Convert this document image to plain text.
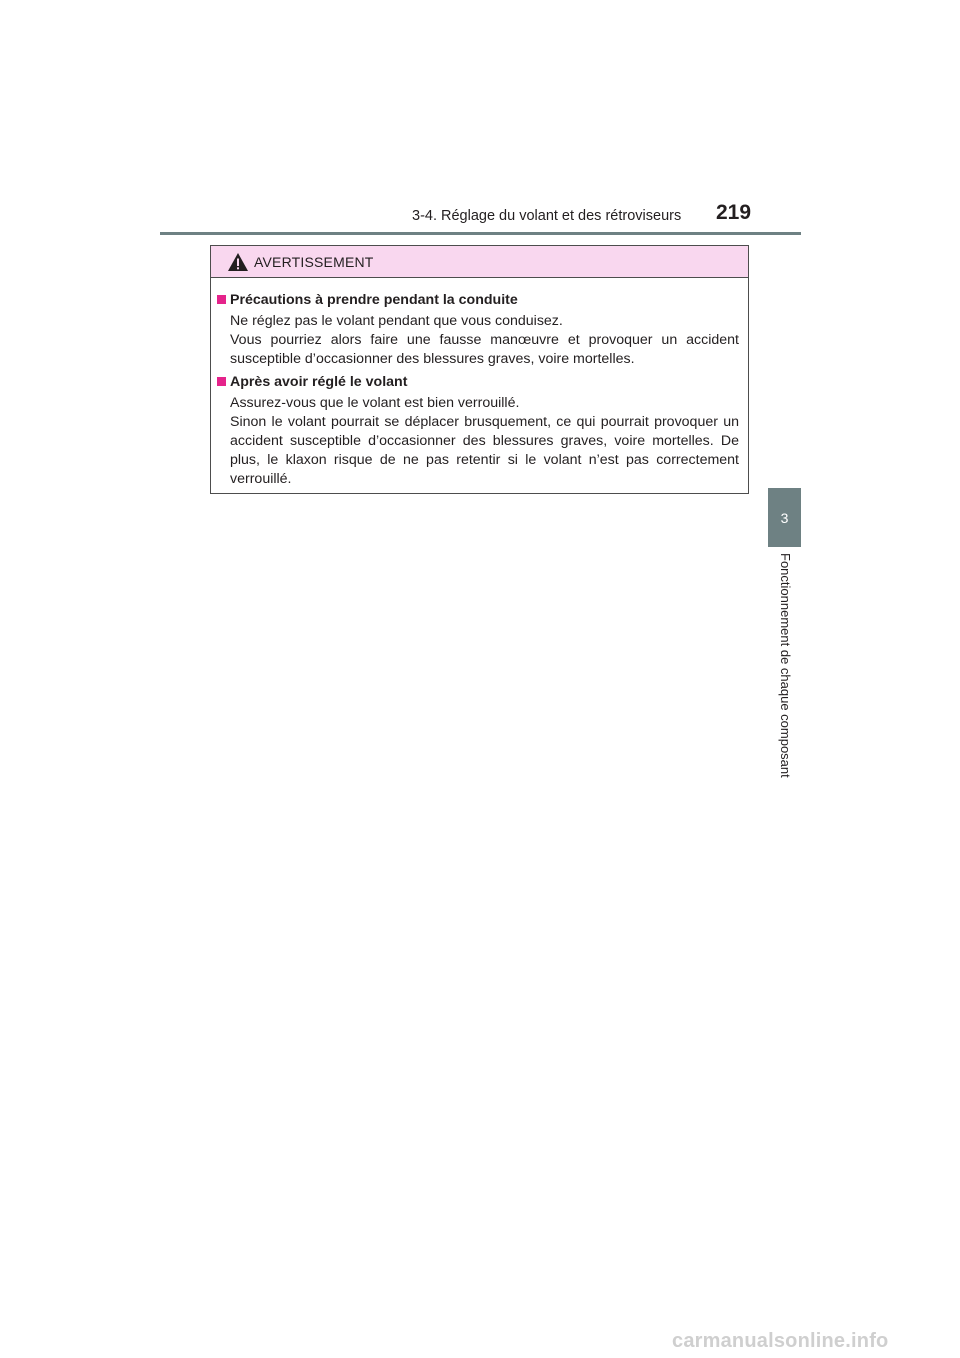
3-4. Réglage du volant et des rétroviseurs 219
3
Fonctionnement de chaque composant
AVERTISSEMENT
Précautions à prendre pendant la conduite

Ne réglez pas le volant pendant que vous conduisez.

Vous pourriez alors faire une fausse manœuvre et provoquer un accident susceptible d’occasionner des blessures graves, voire mortelles.

Après avoir réglé le volant

Assurez-vous que le volant est bien verrouillé.

Sinon le volant pourrait se déplacer brusquement, ce qui pourrait provoquer un accident susceptible d’occasionner des blessures graves, voire mortelles. De plus, le klaxon risque de ne pas retentir si le volant n’est pas correctement verrouillé.

carmanualsonline.info
